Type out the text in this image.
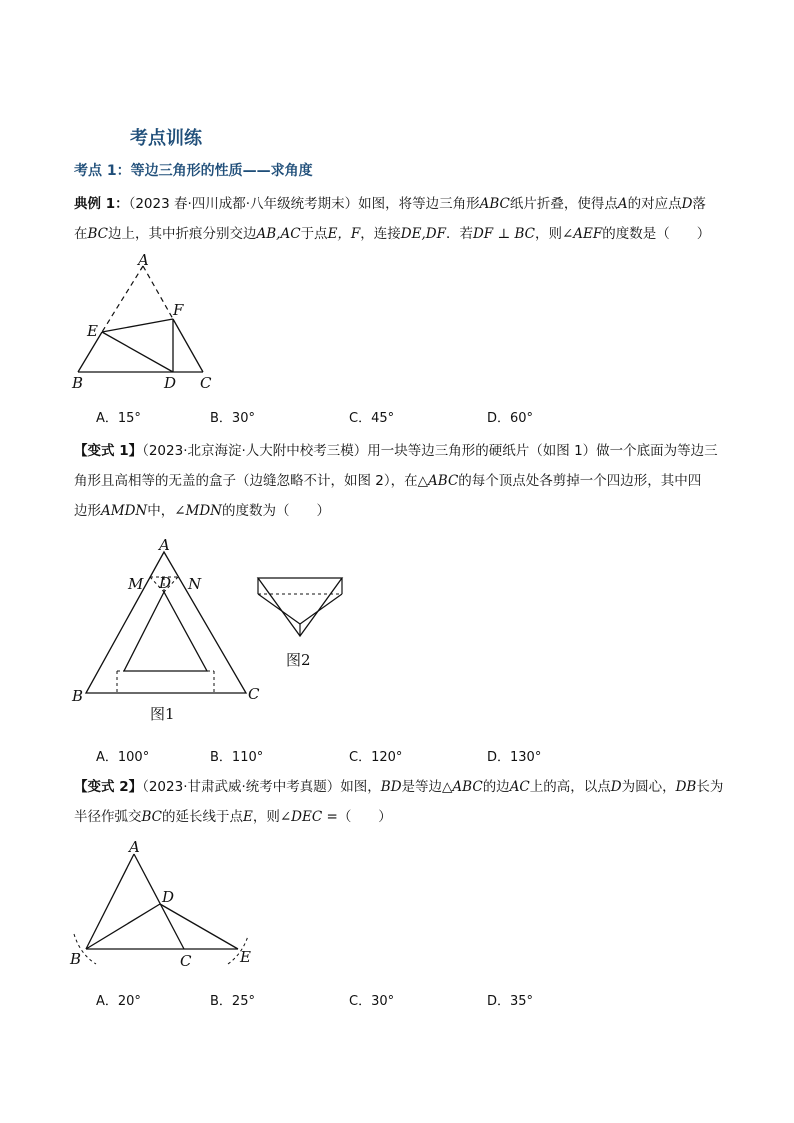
考点训练
考点 1：等边三角形的性质——求角度
典例 1：（2023 春·四川成都·八年级统考期末）如图，将等边三角形ABC纸片折叠，使得点A的对应点D落
在BC边上，其中折痕分别交边AB,AC于点E，F，连接DE,DF．若DF ⊥ BC，则∠AEF的度数是（　　）
A
E
F
B	D C
A．15°	B．30°	C．45°	D．60°
【变式 1】（2023·北京海淀·人大附中校考三模）用一块等边三角形的硬纸片（如图 1）做一个底面为等边三
角形且高相等的无盖的盒子（边缝忽略不计，如图 2），在△ABC的每个顶点处各剪掉一个四边形，其中四
边形AMDN中，∠MDN的度数为（　　）
A
M D N
B	C
图1
图2
A．100°	B．110°	C．120°	D．130°
【变式 2】（2023·甘肃武威·统考中考真题）如图，BD是等边△ABC的边AC上的高，以点D为圆心，DB长为
半径作弧交BC的延长线于点E，则∠DEC =（　　）
A
D
B	C	E
A．20°	B．25°	C．30°	D．35°
